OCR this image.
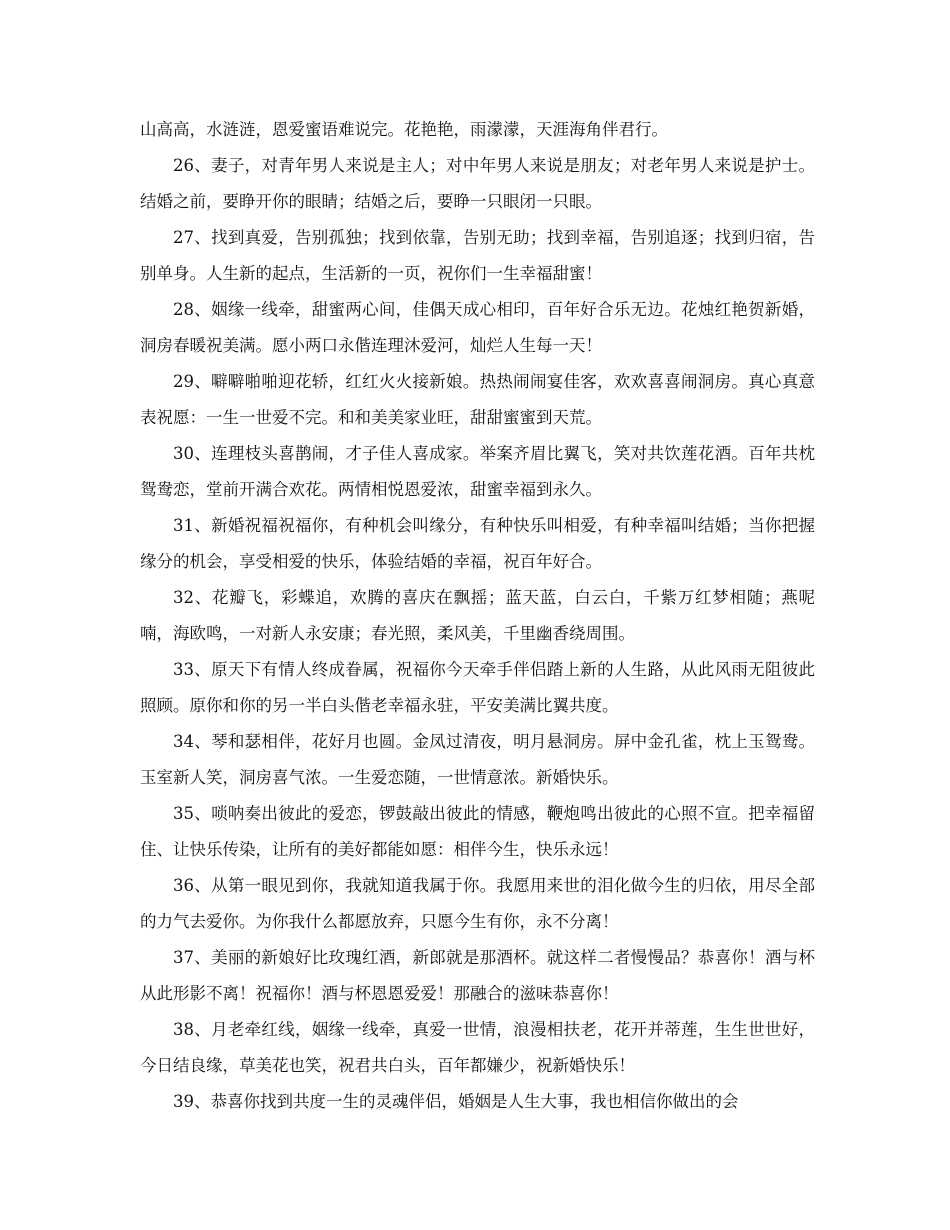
山高高，水涟涟，恩爱蜜语难说完。花艳艳，雨濛濛，天涯海角伴君行。

26、妻子，对青年男人来说是主人；对中年男人来说是朋友；对老年男人来说是护士。结婚之前，要睁开你的眼睛；结婚之后，要睁一只眼闭一只眼。

27、找到真爱，告别孤独；找到依靠，告别无助；找到幸福，告别追逐；找到归宿，告别单身。人生新的起点，生活新的一页，祝你们一生幸福甜蜜！

28、姻缘一线牵，甜蜜两心间，佳偶天成心相印，百年好合乐无边。花烛红艳贺新婚，洞房春暖祝美满。愿小两口永偕连理沐爱河，灿烂人生每一天！

29、噼噼啪啪迎花轿，红红火火接新娘。热热闹闹宴佳客，欢欢喜喜闹洞房。真心真意表祝愿：一生一世爱不完。和和美美家业旺，甜甜蜜蜜到天荒。

30、连理枝头喜鹊闹，才子佳人喜成家。举案齐眉比翼飞，笑对共饮莲花酒。百年共枕鸳鸯恋，堂前开满合欢花。两情相悦恩爱浓，甜蜜幸福到永久。

31、新婚祝福祝福你，有种机会叫缘分，有种快乐叫相爱，有种幸福叫结婚；当你把握缘分的机会，享受相爱的快乐，体验结婚的幸福，祝百年好合。

32、花瓣飞，彩蝶追，欢腾的喜庆在飘摇；蓝天蓝，白云白，千紫万红梦相随；燕呢喃，海欧鸣，一对新人永安康；春光照，柔风美，千里幽香绕周围。

33、原天下有情人终成眷属，祝福你今天牵手伴侣踏上新的人生路，从此风雨无阻彼此照顾。原你和你的另一半白头偕老幸福永驻，平安美满比翼共度。

34、琴和瑟相伴，花好月也圆。金凤过清夜，明月悬洞房。屏中金孔雀，枕上玉鸳鸯。玉室新人笑，洞房喜气浓。一生爱恋随，一世情意浓。新婚快乐。

35、唢呐奏出彼此的爱恋，锣鼓敲出彼此的情感，鞭炮鸣出彼此的心照不宣。把幸福留住、让快乐传染，让所有的美好都能如愿：相伴今生，快乐永远！

36、从第一眼见到你，我就知道我属于你。我愿用来世的泪化做今生的归依，用尽全部的力气去爱你。为你我什么都愿放弃，只愿今生有你，永不分离！

37、美丽的新娘好比玫瑰红酒，新郎就是那酒杯。就这样二者慢慢品？恭喜你！酒与杯从此形影不离！祝福你！酒与杯恩恩爱爱！那融合的滋味恭喜你！

38、月老牵红线，姻缘一线牵，真爱一世情，浪漫相扶老，花开并蒂莲，生生世世好，今日结良缘，草美花也笑，祝君共白头，百年都嫌少，祝新婚快乐！

39、恭喜你找到共度一生的灵魂伴侣，婚姻是人生大事，我也相信你做出的会
